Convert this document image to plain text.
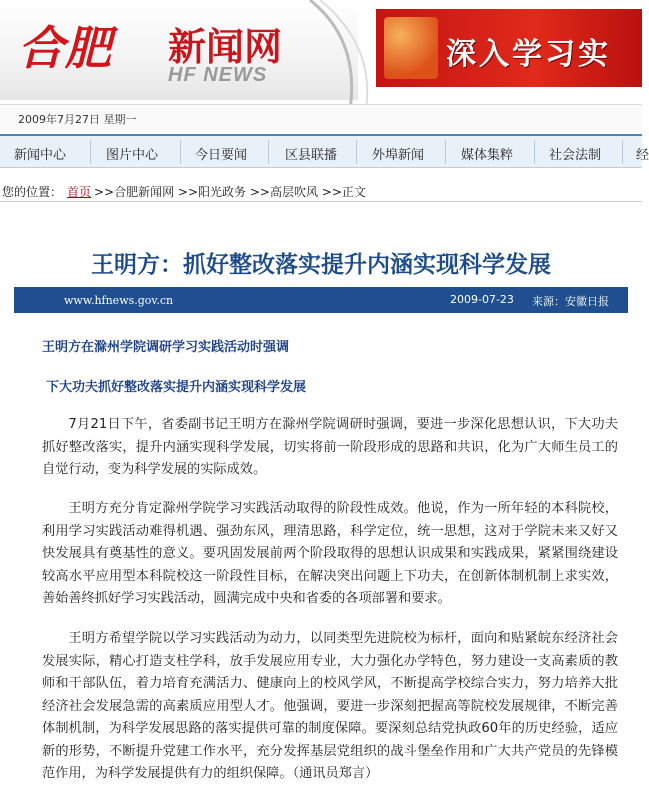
合肥 新闻网
HF NEWS
深入学习实
2009年7月27日 星期一
新闻中心	图片中心	今日要闻	区县联播	外埠新闻	媒体集粹	社会法制	经
您的位置： 首页 >>合肥新闻网 >>阳光政务 >>高层吹风 >>正文
王明方：抓好整改落实提升内涵实现科学发展
www.hfnews.gov.cn	2009-07-23 来源：安徽日报
王明方在滁州学院调研学习实践活动时强调
下大功夫抓好整改落实提升内涵实现科学发展

7月21日下午，省委副书记王明方在滁州学院调研时强调，要进一步深化思想认识，下大功夫抓好整改落实，提升内涵实现科学发展，切实将前一阶段形成的思路和共识，化为广大师生员工的自觉行动，变为科学发展的实际成效。

王明方充分肯定滁州学院学习实践活动取得的阶段性成效。他说，作为一所年轻的本科院校，利用学习实践活动难得机遇、强劲东风，理清思路，科学定位，统一思想，这对于学院未来又好又快发展具有奠基性的意义。要巩固发展前两个阶段取得的思想认识成果和实践成果，紧紧围绕建设较高水平应用型本科院校这一阶段性目标，在解决突出问题上下功夫，在创新体制机制上求实效，善始善终抓好学习实践活动，圆满完成中央和省委的各项部署和要求。

王明方希望学院以学习实践活动为动力，以同类型先进院校为标杆，面向和贴紧皖东经济社会发展实际，精心打造支柱学科，放手发展应用专业，大力强化办学特色，努力建设一支高素质的教师和干部队伍，着力培育充满活力、健康向上的校风学风，不断提高学校综合实力，努力培养大批经济社会发展急需的高素质应用型人才。他强调，要进一步深刻把握高等院校发展规律，不断完善体制机制，为科学发展思路的落实提供可靠的制度保障。要深刻总结党执政60年的历史经验，适应新的形势，不断提升党建工作水平，充分发挥基层党组织的战斗堡垒作用和广大共产党员的先锋模范作用，为科学发展提供有力的组织保障。（通讯员郑言）
